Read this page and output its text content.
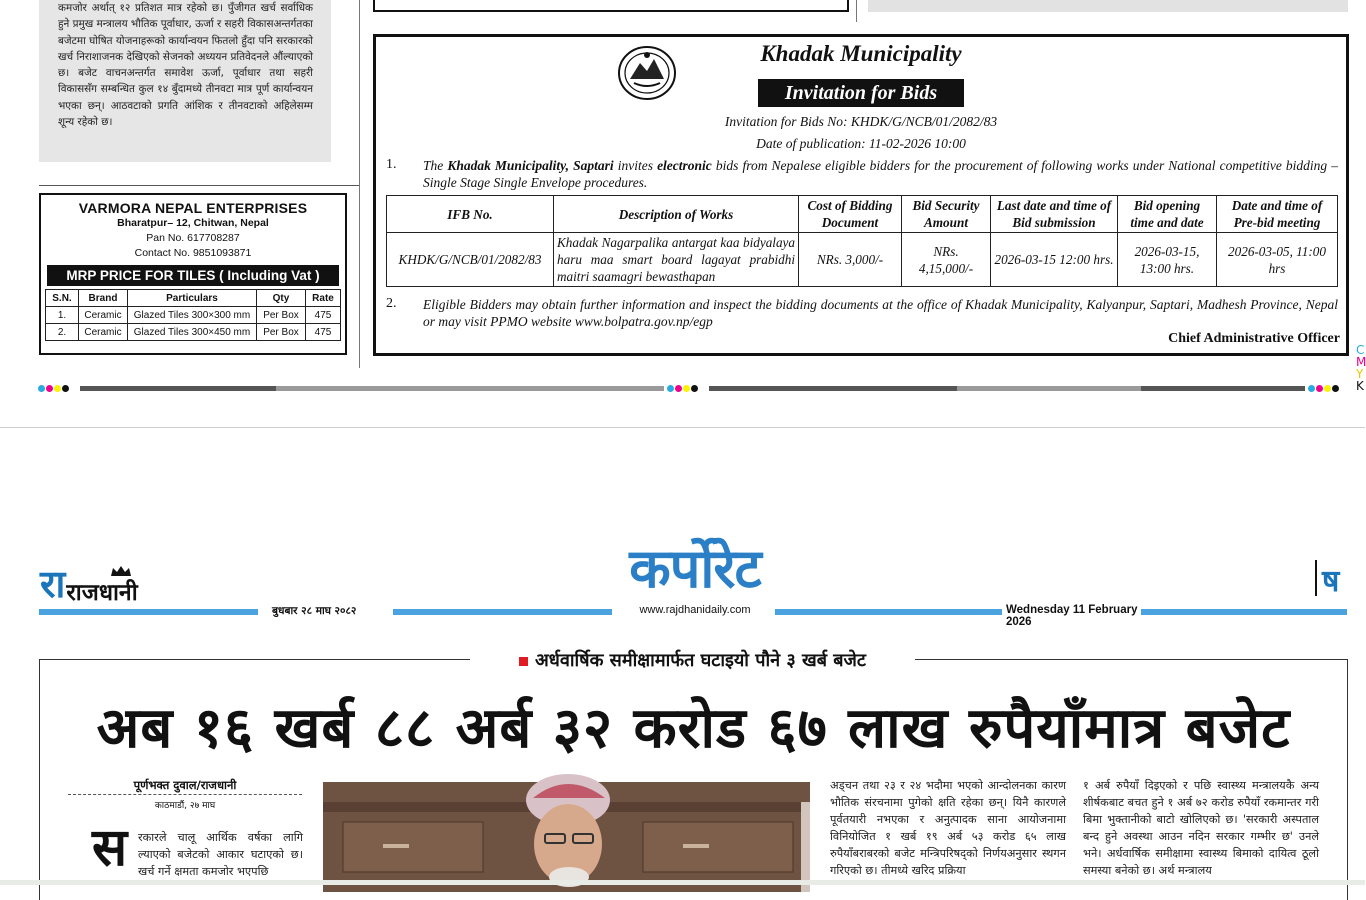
कमजोर अर्थात् १२ प्रतिशत मात्र रहेको छ। पुँजीगत खर्च सर्वाधिक हुने प्रमुख मन्त्रालय भौतिक पूर्वाधार, ऊर्जा र सहरी विकासअन्तर्गतका बजेटमा घोषित योजनाहरूको कार्यान्वयन फितलो हुँदा पनि सरकारको खर्च निराशाजनक देखिएको सेजनको अध्ययन प्रतिवेदनले औंल्याएको छ। बजेट वाचनअन्तर्गत समावेश ऊर्जा, पूर्वाधार तथा सहरी विकाससँग सम्बन्धित कुल १४ बुँदामध्ये तीनवटा मात्र पूर्ण कार्यान्वयन भएका छन्। आठवटाको प्रगति आंशिक र तीनवटाको अहिलेसम्म शून्य रहेको छ।

VARMORA NEPAL ENTERPRISES
Bharatpur– 12, Chitwan, Nepal
Pan No. 617708287
Contact No. 9851093871
MRP PRICE FOR TILES ( Including Vat )
S.N.	Brand	Particulars	Qty	Rate
1.	Ceramic	Glazed Tiles 300×300 mm	Per Box	475
2.	Ceramic	Glazed Tiles 300×450 mm	Per Box	475
Khadak Municipality
Invitation for Bids
Invitation for Bids No: KHDK/G/NCB/01/2082/83
Date of publication: 11-02-2026 10:00
1. The Khadak Municipality, Saptari invites electronic bids from Nepalese eligible bidders for the procurement of following works under National competitive bidding – Single Stage Single Envelope procedures.
IFB No.	Description of Works	Cost of Bidding Document	Bid Security Amount	Last date and time of Bid submission	Bid opening time and date	Date and time of Pre-bid meeting
KHDK/G/NCB/01/2082/83	Khadak Nagarpalika antargat kaa bidyalaya haru maa smart board lagayat prabidhi maitri saamagri bewasthapan	NRs. 3,000/-	NRs. 4,15,000/-	2026-03-15 12:00 hrs.	2026-03-15, 13:00 hrs.	2026-03-05, 11:00 hrs
2. Eligible Bidders may obtain further information and inspect the bidding documents at the office of Khadak Municipality, Kalyanpur, Saptari, Madhesh Province, Nepal or may visit PPMO website www.bolpatra.gov.np/egp
Chief Administrative Officer
C
M
Y
K
राराजधानी
बुधबार २८ माघ २०८२
कर्पोरेट
www.rajdhanidaily.com	Wednesday 11 February 2026
ष
अर्धवार्षिक समीक्षामार्फत घटाइयो पौने ३ खर्ब बजेट
अब १६ खर्ब ८८ अर्ब ३२ करोड ६७ लाख रुपैयाँमात्र बजेट
पूर्णभक्त दुवाल/राजधानी
काठमाडौं, २७ माघ
स रकारले चालू आर्थिक वर्षका लागि ल्याएको बजेटको आकार घटाएको छ। खर्च गर्ने क्षमता कमजोर भएपछि
अड्चन तथा २३ र २४ भदौमा भएको आन्दोलनका कारण भौतिक संरचनामा पुगेको क्षति रहेका छन्। यिनै कारणले पूर्वतयारी नभएका र अनुत्पादक साना आयोजनामा विनियोजित १ खर्ब १९ अर्ब ५३ करोड ६५ लाख रुपैयाँबराबरको बजेट मन्त्रिपरिषद्को निर्णयअनुसार स्थगन गरिएको छ। तीमध्ये खरिद प्रक्रिया
१ अर्ब रुपैयाँ दिइएको र पछि स्वास्थ्य मन्त्रालयकै अन्य शीर्षकबाट बचत हुने १ अर्ब ७२ करोड रुपैयाँ रकमान्तर गरी बिमा भुक्तानीको बाटो खोलिएको छ। 'सरकारी अस्पताल बन्द हुने अवस्था आउन नदिन सरकार गम्भीर छ' उनले भने। अर्धवार्षिक समीक्षामा स्वास्थ्य बिमाको दायित्व ठूलो समस्या बनेको छ। अर्थ मन्त्रालय
